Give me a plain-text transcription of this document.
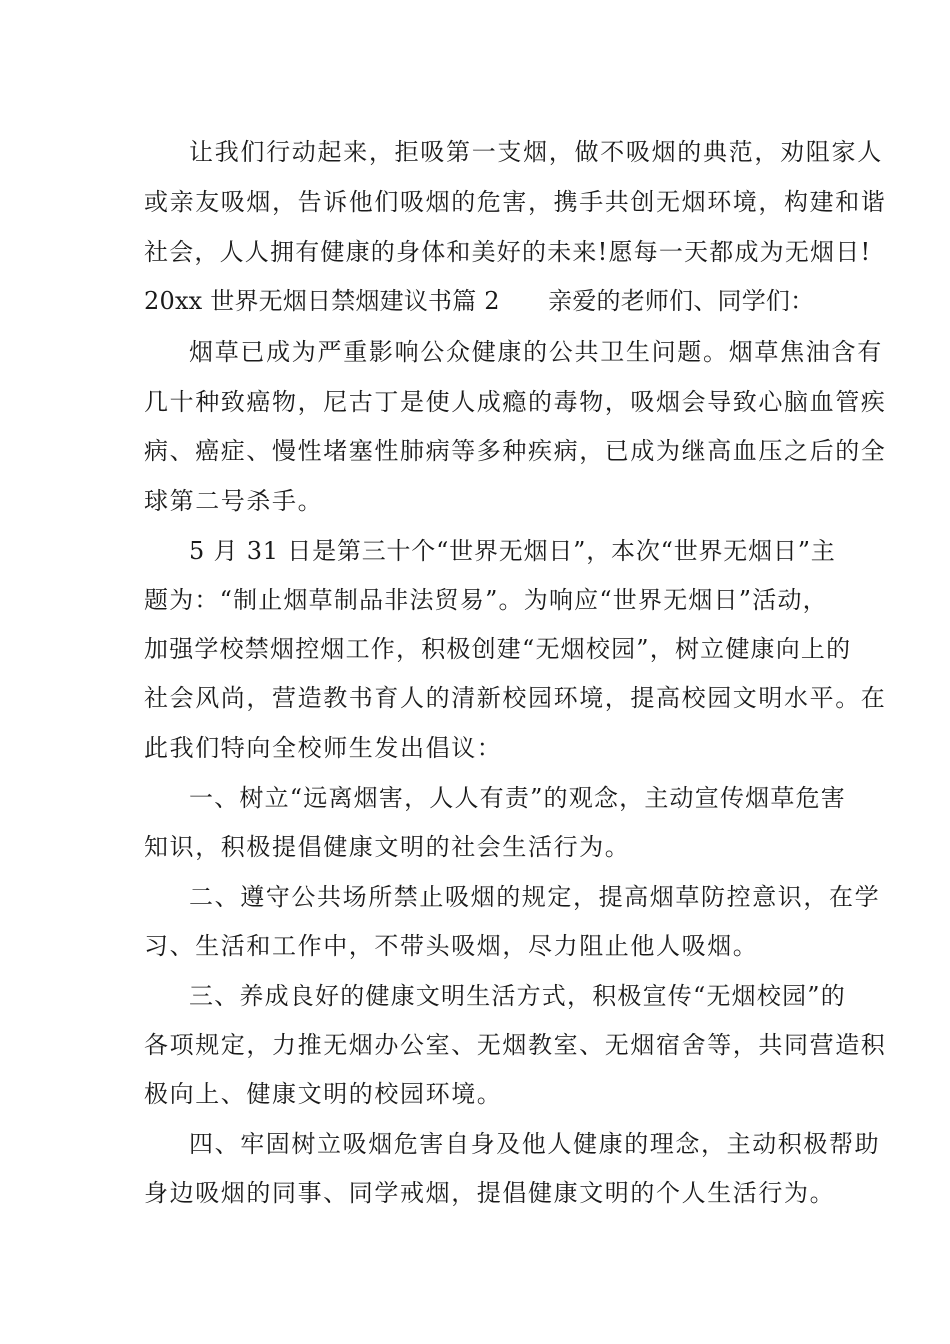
让我们行动起来，拒吸第一支烟，做不吸烟的典范，劝阻家人
或亲友吸烟，告诉他们吸烟的危害，携手共创无烟环境，构建和谐
社会，人人拥有健康的身体和美好的未来!愿每一天都成为无烟日!
20xx 世界无烟日禁烟建议书篇 2　　亲爱的老师们、同学们：
烟草已成为严重影响公众健康的公共卫生问题。烟草焦油含有
几十种致癌物，尼古丁是使人成瘾的毒物，吸烟会导致心脑血管疾
病、癌症、慢性堵塞性肺病等多种疾病，已成为继高血压之后的全
球第二号杀手。
5 月 31 日是第三十个“世界无烟日”，本次“世界无烟日”主
题为：“制止烟草制品非法贸易”。为响应“世界无烟日”活动，
加强学校禁烟控烟工作，积极创建“无烟校园”，树立健康向上的
社会风尚，营造教书育人的清新校园环境，提高校园文明水平。在
此我们特向全校师生发出倡议：
一、树立“远离烟害，人人有责”的观念，主动宣传烟草危害
知识，积极提倡健康文明的社会生活行为。
二、遵守公共场所禁止吸烟的规定，提高烟草防控意识，在学
习、生活和工作中，不带头吸烟，尽力阻止他人吸烟。
三、养成良好的健康文明生活方式，积极宣传“无烟校园”的
各项规定，力推无烟办公室、无烟教室、无烟宿舍等，共同营造积
极向上、健康文明的校园环境。
四、牢固树立吸烟危害自身及他人健康的理念，主动积极帮助
身边吸烟的同事、同学戒烟，提倡健康文明的个人生活行为。
